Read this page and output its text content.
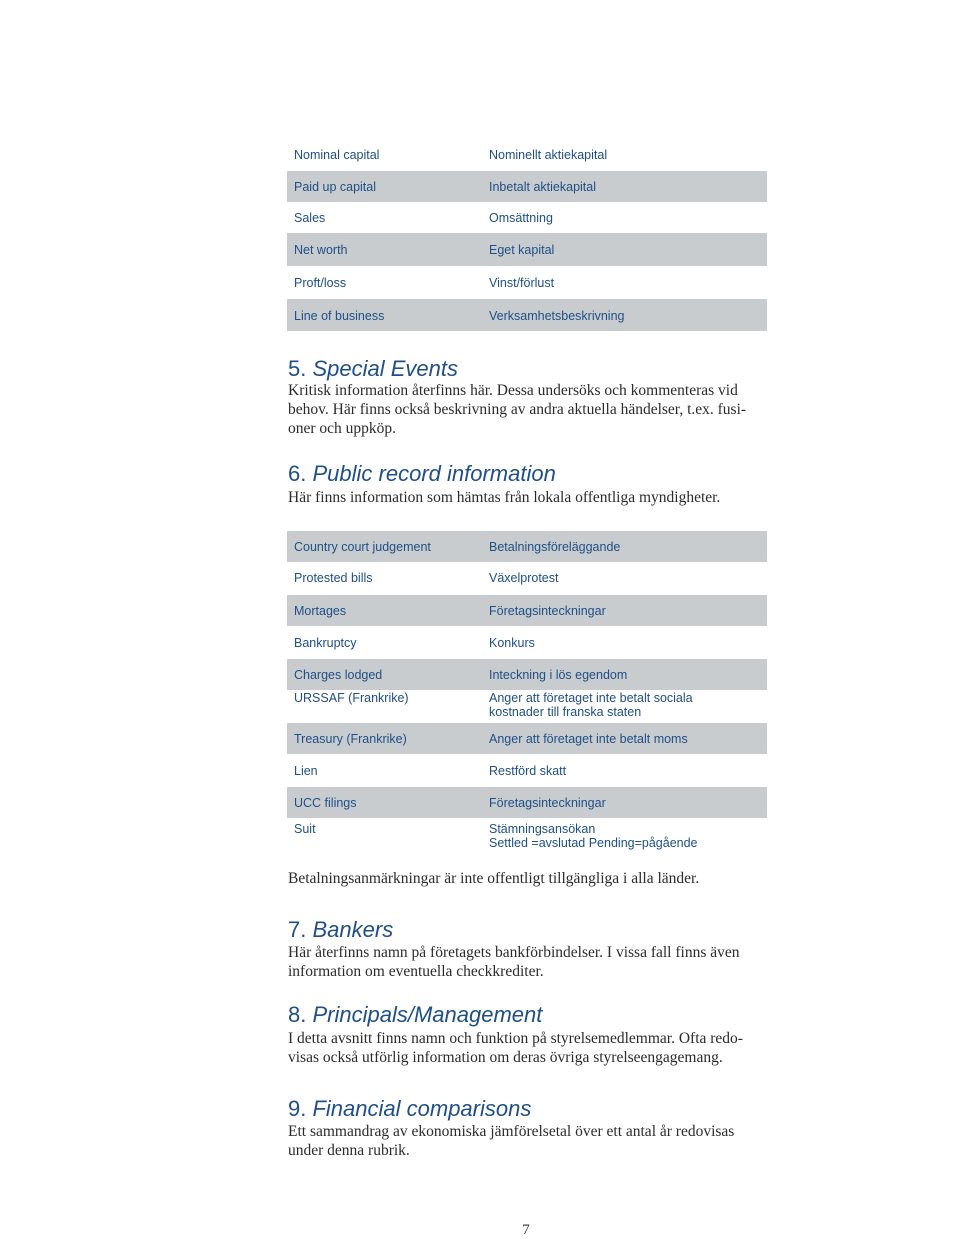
Nominal capital	Nominellt aktiekapital
Paid up capital	Inbetalt aktiekapital
Sales	Omsättning
Net worth	Eget kapital
Proft/loss	Vinst/förlust
Line of business	Verksamhetsbeskrivning
5. Special Events
Kritisk information återfinns här. Dessa undersöks och kommenteras vid
behov. Här finns också beskrivning av andra aktuella händelser, t.ex. fusi-
oner och uppköp.
6. Public record information
Här finns information som hämtas från lokala offentliga myndigheter.
Country court judgement	Betalningsföreläggande
Protested bills	Växelprotest
Mortages	Företagsinteckningar
Bankruptcy	Konkurs
Charges lodged	Inteckning i lös egendom
URSSAF (Frankrike)	Anger att företaget inte betalt sociala
kostnader till franska staten
Treasury (Frankrike)	Anger att företaget inte betalt moms
Lien	Restförd skatt
UCC filings	Företagsinteckningar
Suit	Stämningsansökan
Settled =avslutad Pending=pågående
Betalningsanmärkningar är inte offentligt tillgängliga i alla länder.
7. Bankers
Här återfinns namn på företagets bankförbindelser. I vissa fall finns även
information om eventuella checkkrediter.
8. Principals/Management
I detta avsnitt finns namn och funktion på styrelsemedlemmar. Ofta redo-
visas också utförlig information om deras övriga styrelseengagemang.
9. Financial comparisons
Ett sammandrag av ekonomiska jämförelsetal över ett antal år redovisas
under denna rubrik.
7
